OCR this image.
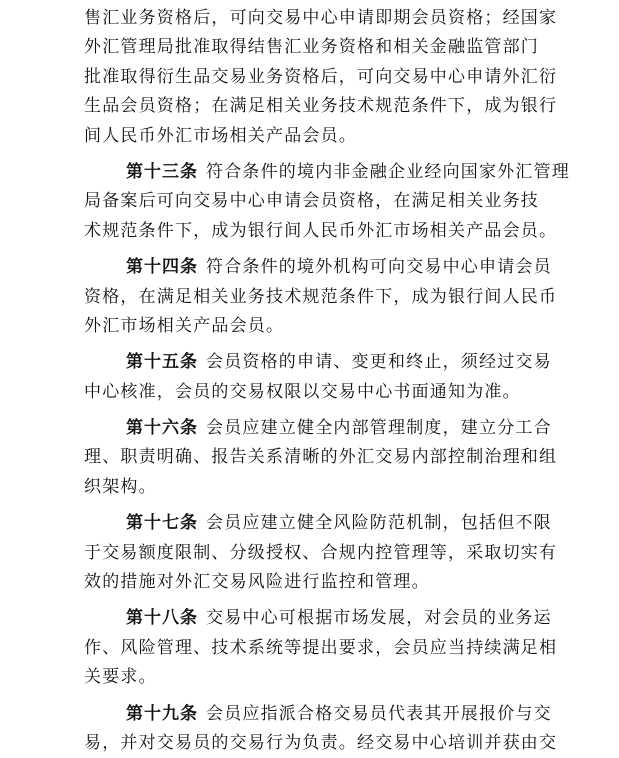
售汇业务资格后，可向交易中心申请即期会员资格；经国家
外汇管理局批准取得结售汇业务资格和相关金融监管部门
批准取得衍生品交易业务资格后，可向交易中心申请外汇衍
生品会员资格；在满足相关业务技术规范条件下，成为银行
间人民币外汇市场相关产品会员。
第十三条 符合条件的境内非金融企业经向国家外汇管理
局备案后可向交易中心申请会员资格，在满足相关业务技
术规范条件下，成为银行间人民币外汇市场相关产品会员。
第十四条 符合条件的境外机构可向交易中心申请会员
资格，在满足相关业务技术规范条件下，成为银行间人民币
外汇市场相关产品会员。
第十五条 会员资格的申请、变更和终止，须经过交易
中心核准，会员的交易权限以交易中心书面通知为准。
第十六条 会员应建立健全内部管理制度，建立分工合
理、职责明确、报告关系清晰的外汇交易内部控制治理和组
织架构。
第十七条 会员应建立健全风险防范机制，包括但不限
于交易额度限制、分级授权、合规内控管理等，采取切实有
效的措施对外汇交易风险进行监控和管理。
第十八条 交易中心可根据市场发展，对会员的业务运
作、风险管理、技术系统等提出要求，会员应当持续满足相
关要求。
第十九条 会员应指派合格交易员代表其开展报价与交
易，并对交易员的交易行为负责。经交易中心培训并获由交
